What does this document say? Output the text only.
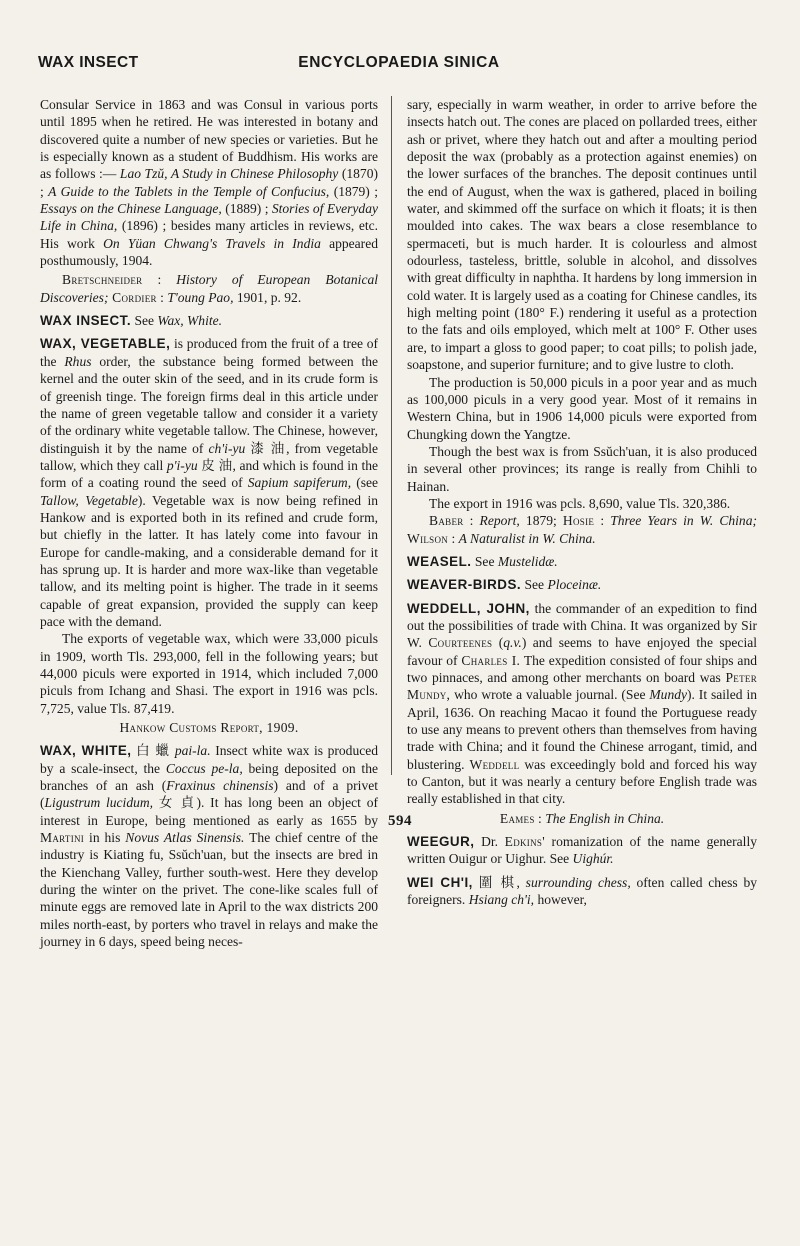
WAX INSECT	ENCYCLOPAEDIA SINICA

Consular Service in 1863 and was Consul in various ports until 1895 when he retired. He was interested in botany and discovered quite a number of new species or varieties. But he is especially known as a student of Buddhism. His works are as follows :— Lao Tzŭ, A Study in Chinese Philosophy (1870) ; A Guide to the Tablets in the Temple of Confucius, (1879) ; Essays on the Chinese Language, (1889) ; Stories of Everyday Life in China, (1896) ; besides many articles in reviews, etc. His work On Yüan Chwang's Travels in India appeared posthumously, 1904.

Bretschneider : History of European Botanical Discoveries; Cordier : T'oung Pao, 1901, p. 92.

WAX INSECT. See Wax, White.

WAX, VEGETABLE, is produced from the fruit of a tree of the Rhus order, the substance being formed between the kernel and the outer skin of the seed, and in its crude form is of greenish tinge. The foreign firms deal in this article under the name of green vegetable tallow and consider it a variety of the ordinary white vegetable tallow. The Chinese, however, distinguish it by the name of ch'i-yu 漆 油, from vegetable tallow, which they call p'i-yu 皮 油, and which is found in the form of a coating round the seed of Sapium sapiferum, (see Tallow, Vegetable). Vegetable wax is now being refined in Hankow and is exported both in its refined and crude form, but chiefly in the latter. It has lately come into favour in Europe for candle-making, and a considerable demand for it has sprung up. It is harder and more wax-like than vegetable tallow, and its melting point is higher. The trade in it seems capable of great expansion, provided the supply can keep pace with the demand.

The exports of vegetable wax, which were 33,000 piculs in 1909, worth Tls. 293,000, fell in the following years; but 44,000 piculs were exported in 1914, which included 7,000 piculs from Ichang and Shasi. The export in 1916 was pcls. 7,725, value Tls. 87,419.

Hankow Customs Report, 1909.

WAX, WHITE, 白 蠟 pai-la. Insect white wax is produced by a scale-insect, the Coccus pe-la, being deposited on the branches of an ash (Fraxinus chinensis) and of a privet (Ligustrum lucidum, 女 貞). It has long been an object of interest in Europe, being mentioned as early as 1655 by Martini in his Novus Atlas Sinensis. The chief centre of the industry is Kiating fu, Ssŭch'uan, but the insects are bred in the Kienchang Valley, further south-west. Here they develop during the winter on the privet. The cone-like scales full of minute eggs are removed late in April to the wax districts 200 miles north-east, by porters who travel in relays and make the journey in 6 days, speed being neces-

sary, especially in warm weather, in order to arrive before the insects hatch out. The cones are placed on pollarded trees, either ash or privet, where they hatch out and after a moulting period deposit the wax (probably as a protection against enemies) on the lower surfaces of the branches. The deposit continues until the end of August, when the wax is gathered, placed in boiling water, and skimmed off the surface on which it floats; it is then moulded into cakes. The wax bears a close resemblance to spermaceti, but is much harder. It is colourless and almost odourless, tasteless, brittle, soluble in alcohol, and dissolves with great difficulty in naphtha. It hardens by long immersion in cold water. It is largely used as a coating for Chinese candles, its high melting point (180° F.) rendering it useful as a protection to the fats and oils employed, which melt at 100° F. Other uses are, to impart a gloss to good paper; to coat pills; to polish jade, soapstone, and superior furniture; and to give lustre to cloth.

The production is 50,000 piculs in a poor year and as much as 100,000 piculs in a very good year. Most of it remains in Western China, but in 1906 14,000 piculs were exported from Chungking down the Yangtze.

Though the best wax is from Ssŭch'uan, it is also produced in several other provinces; its range is really from Chihli to Hainan.

The export in 1916 was pcls. 8,690, value Tls. 320,386.

Baber : Report, 1879; Hosie : Three Years in W. China; Wilson : A Naturalist in W. China.

WEASEL. See Mustelidæ.

WEAVER-BIRDS. See Ploceinæ.

WEDDELL, JOHN, the commander of an expedition to find out the possibilities of trade with China. It was organized by Sir W. Courteenes (q.v.) and seems to have enjoyed the special favour of Charles I. The expedition consisted of four ships and two pinnaces, and among other merchants on board was Peter Mundy, who wrote a valuable journal. (See Mundy). It sailed in April, 1636. On reaching Macao it found the Portuguese ready to use any means to prevent others than themselves from having trade with China; and it found the Chinese arrogant, timid, and blustering. Weddell was exceedingly bold and forced his way to Canton, but it was nearly a century before English trade was really established in that city.

Eames : The English in China.

WEEGUR, Dr. Edkins' romanization of the name generally written Ouigur or Uighur. See Uighúr.

WEI CH'I, 圍 棋, surrounding chess, often called chess by foreigners. Hsiang ch'i, however,

594
